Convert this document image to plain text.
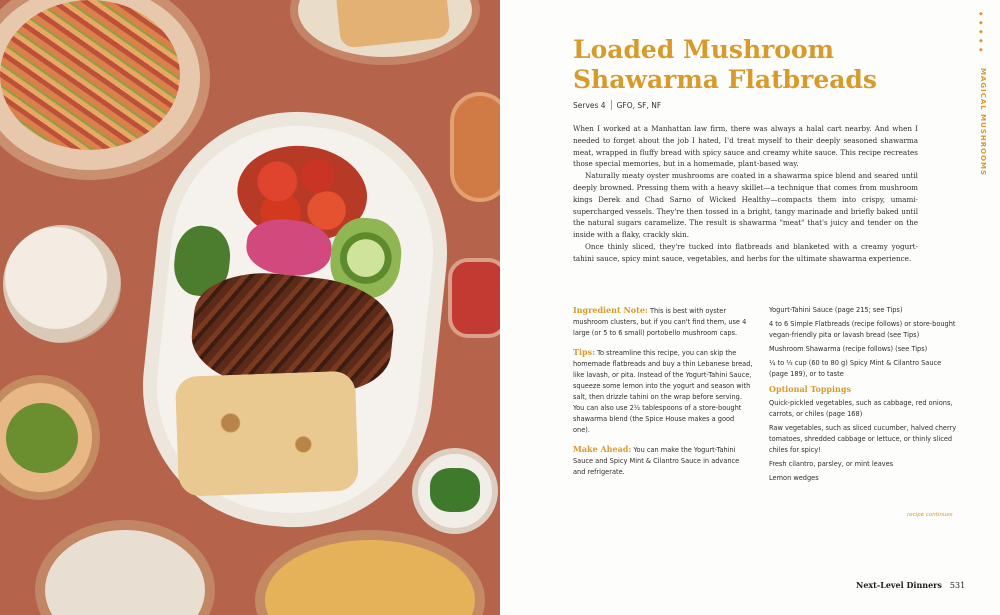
Loaded Mushroom Shawarma Flatbreads
Serves 4 GFO, SF, NF

When I worked at a Manhattan law firm, there was always a halal cart nearby. And when I needed to forget about the job I hated, I'd treat myself to their deeply seasoned shawarma meat, wrapped in fluffy bread with spicy sauce and creamy white sauce. This recipe recreates those special memories, but in a homemade, plant-based way.

Naturally meaty oyster mushrooms are coated in a shawarma spice blend and seared until deeply browned. Pressing them with a heavy skillet—a technique that comes from mushroom kings Derek and Chad Sarno of Wicked Healthy—compacts them into crispy, umami-supercharged vessels. They're then tossed in a bright, tangy marinade and briefly baked until the natural sugars caramelize. The result is shawarma "meat" that's juicy and tender on the inside with a flaky, crackly skin.

Once thinly sliced, they're tucked into flatbreads and blanketed with a creamy yogurt-tahini sauce, spicy mint sauce, vegetables, and herbs for the ultimate shawarma experience.

Ingredient Note: This is best with oyster mushroom clusters, but if you can't find them, use 4 large (or 5 to 6 small) portobello mushroom caps.

Tips: To streamline this recipe, you can skip the homemade flatbreads and buy a thin Lebanese bread, like lavash, or pita. Instead of the Yogurt-Tahini Sauce, squeeze some lemon into the yogurt and season with salt, then drizzle tahini on the wrap before serving. You can also use 2½ tablespoons of a store-bought shawarma blend (the Spice House makes a good one).

Make Ahead: You can make the Yogurt-Tahini Sauce and Spicy Mint & Cilantro Sauce in advance and refrigerate.

Yogurt-Tahini Sauce (page 215; see Tips)
4 to 6 Simple Flatbreads (recipe follows) or store-bought vegan-friendly pita or lavash bread (see Tips)
Mushroom Shawarma (recipe follows) (see Tips)
¼ to ⅓ cup (60 to 80 g) Spicy Mint & Cilantro Sauce (page 189), or to taste
Optional Toppings
Quick-pickled vegetables, such as cabbage, red onions, carrots, or chiles (page 168)
Raw vegetables, such as sliced cucumber, halved cherry tomatoes, shredded cabbage or lettuce, or thinly sliced chiles for spicy!
Fresh cilantro, parsley, or mint leaves
Lemon wedges
recipe continues
◆
◆
◆
◆
◆
MAGICAL MUSHROOMS
Next-Level Dinners 531
